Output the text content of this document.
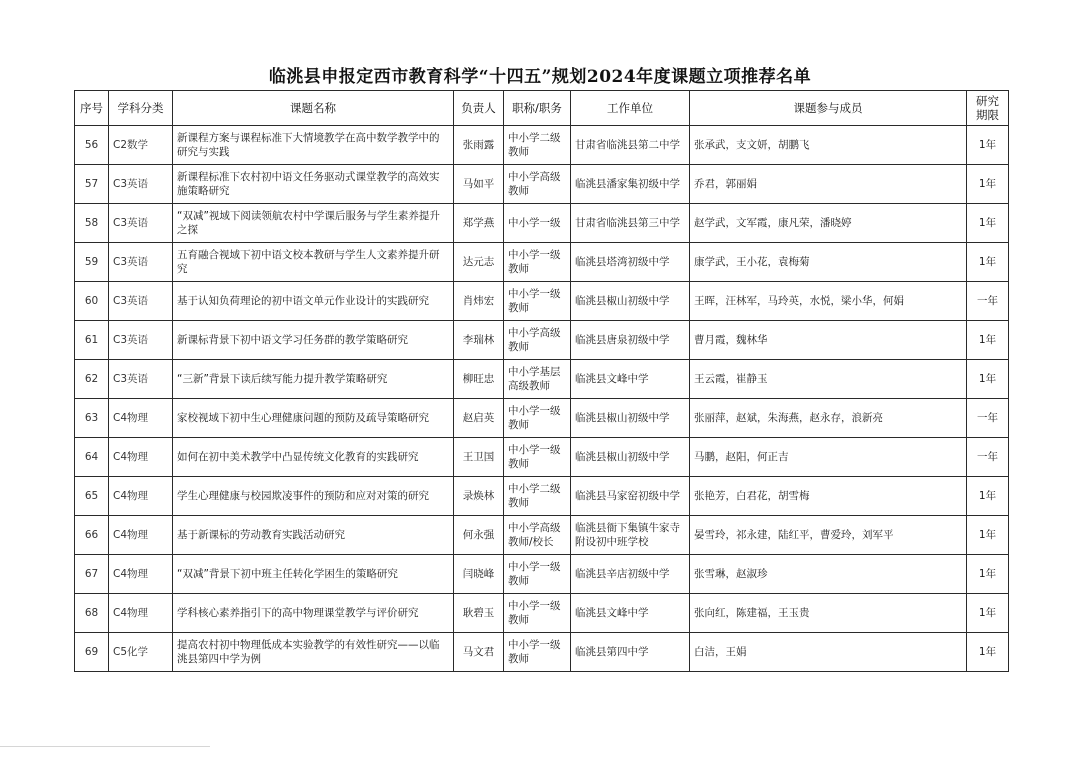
临洮县申报定西市教育科学“十四五”规划2024年度课题立项推荐名单
序号	学科分类	课题名称	负责人	职称/职务	工作单位	课题参与成员	研究期限
56	C2数学	新课程方案与课程标准下大情境教学在高中数学教学中的研究与实践	张雨露	中小学二级教师	甘肃省临洮县第二中学	张承武，支文妍，胡鹏飞	1年
57	C3英语	新课程标准下农村初中语文任务驱动式课堂教学的高效实施策略研究	马如平	中小学高级教师	临洮县潘家集初级中学	乔君，郭丽娟	1年
58	C3英语	“双减”视域下阅读领航农村中学课后服务与学生素养提升之探	郑学燕	中小学一级	甘肃省临洮县第三中学	赵学武，文军霞，康凡荣，潘晓婷	1年
59	C3英语	五育融合视域下初中语文校本教研与学生人文素养提升研究	达元志	中小学一级教师	临洮县塔湾初级中学	康学武，王小花，袁梅菊	1年
60	C3英语	基于认知负荷理论的初中语文单元作业设计的实践研究	肖炜宏	中小学一级教师	临洮县椒山初级中学	王晖，汪林军，马玲英，水悦，梁小华，何娟	一年
61	C3英语	新课标背景下初中语文学习任务群的教学策略研究	李瑞林	中小学高级教师	临洮县唐泉初级中学	曹月霞，魏林华	1年
62	C3英语	“三新”背景下读后续写能力提升教学策略研究	柳旺忠	中小学基层高级教师	临洮县文峰中学	王云霞，崔静玉	1年
63	C4物理	家校视域下初中生心理健康问题的预防及疏导策略研究	赵启英	中小学一级教师	临洮县椒山初级中学	张丽萍，赵斌，朱海燕，赵永存，浪新亮	一年
64	C4物理	如何在初中美术教学中凸显传统文化教育的实践研究	王卫国	中小学一级教师	临洮县椒山初级中学	马鹏，赵阳，何正吉	一年
65	C4物理	学生心理健康与校园欺凌事件的预防和应对对策的研究	录焕林	中小学二级教师	临洮县马家窑初级中学	张艳芳，白君花，胡雪梅	1年
66	C4物理	基于新课标的劳动教育实践活动研究	何永强	中小学高级教师/校长	临洮县衙下集镇牛家寺附设初中班学校	晏雪玲，祁永建，陆红平，曹爱玲，刘军平	1年
67	C4物理	“双减”背景下初中班主任转化学困生的策略研究	闫晓峰	中小学一级教师	临洮县辛店初级中学	张雪琳，赵淑珍	1年
68	C4物理	学科核心素养指引下的高中物理课堂教学与评价研究	耿碧玉	中小学一级教师	临洮县文峰中学	张向红，陈建福，王玉贵	1年
69	C5化学	提高农村初中物理低成本实验教学的有效性研究——以临洮县第四中学为例	马文君	中小学一级教师	临洮县第四中学	白洁，王娟	1年
